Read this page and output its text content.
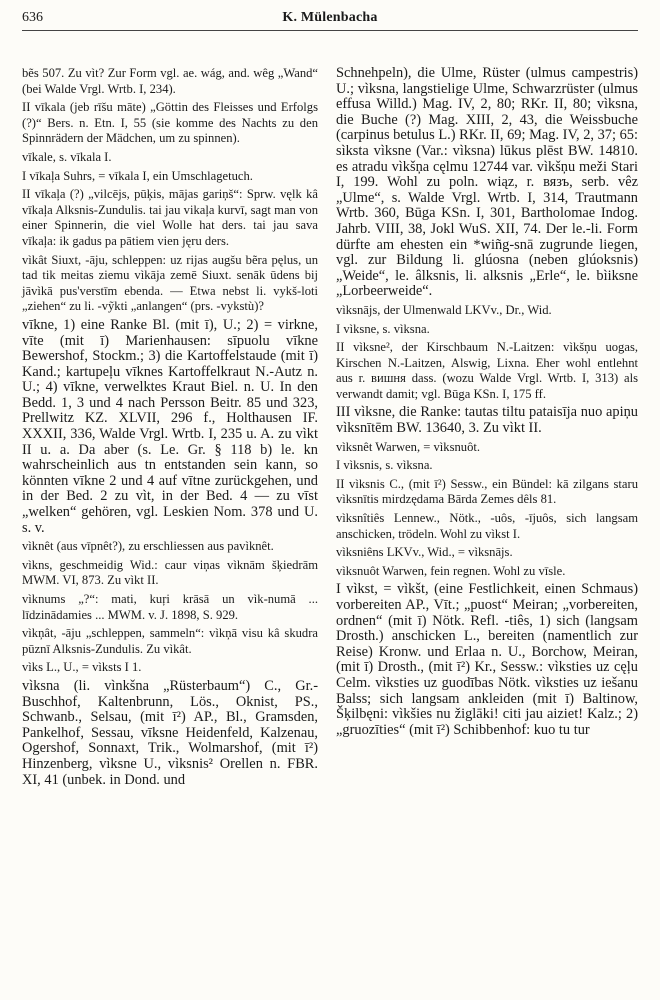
636	K. Mülenbacha

bẽs 507. Zu vìt? Zur Form vgl. ae. wág, and. wêg „Wand“ (bei Walde Vrgl. Wrtb. I, 234).

II vīkala (jeb rīšu māte) „Göttin des Fleisses und Erfolgs (?)“ Bers. n. Etn. I, 55 (sie komme des Nachts zu den Spinnrädern der Mädchen, um zu spinnen).

vīkale, s. vīkala I.

I vīkaļa Suhrs, = vīkala I, ein Umschlagetuch.

II vīkaļa (?) „vilcējs, pūķis, mājas gariņš“: Sprw. vęlk kâ vīkaļa Alksnis-Zundulis. tai jau vikaļa kurvī, sagt man von einer Spinnerin, die viel Wolle hat ders. tai jau sava vīkaļa: ik gadus pa pātiem vien jęru ders.

vìkât Siuxt, -āju, schleppen: uz rijas augšu bẽra pęlus, un tad tik meitas ziemu vìkāja zemē Siuxt. senāk ūdens bij jāvìkā pus'verstīm ebenda. — Etwa nebst li. vykš-loti „ziehen“ zu li. -vỹkti „anlangen“ (prs. -vykstù)?

vīkne, 1) eine Ranke Bl. (mit ī), U.; 2) = virkne, vīte (mit ī) Marienhausen: sīpuolu vīkne Bewershof, Stockm.; 3) die Kartoffelstaude (mit ī) Kand.; kartupeļu vīknes Kartoffelkraut N.-Autz n. U.; 4) vīkne, verwelktes Kraut Biel. n. U. In den Bedd. 1, 3 und 4 nach Persson Beitr. 85 und 323, Prellwitz KZ. XLVII, 296 f., Holthausen IF. XXXII, 336, Walde Vrgl. Wrtb. I, 235 u. A. zu vìkt II u. a. Da aber (s. Le. Gr. § 118 b) le. kn wahrscheinlich aus tn entstanden sein kann, so könnten vīkne 2 und 4 auf vītne zurückgehen, und in der Bed. 2 zu vìt, in der Bed. 4 — zu vīst „welken“ gehören, vgl. Leskien Nom. 378 und U. s. v.

vìknêt (aus vīpnêt?), zu erschliessen aus pavìknêt.

vìkns, geschmeidig Wid.: caur viņas vìknām šķiedrām MWM. VI, 873. Zu vìkt II.

vìknums „?“: mati, kuŗi krāsā un vìk-numā ... līdzinādamies ... MWM. v. J. 1898, S. 929.

vìkņât, -āju „schleppen, sammeln“: vìkņā visu kâ skudra pūznī Alksnis-Zundulis. Zu vìkât.

vìks L., U., = vìksts I 1.

vìksna (li. vìnkšna „Rüsterbaum“) C., Gr.-Buschhof, Kaltenbrunn, Lös., Oknist, PS., Schwanb., Selsau, (mit ī²) AP., Bl., Gramsden, Pankelhof, Sessau, vīksne Heidenfeld, Kalzenau, Ogershof, Sonnaxt, Trik., Wolmarshof, (mit ī²) Hinzenberg, vìksne U., vìksnis² Orellen n. FBR. XI, 41 (unbek. in Dond. und

Schnehpeln), die Ulme, Rüster (ulmus campestris) U.; vìksna, langstielige Ulme, Schwarzrüster (ulmus effusa Willd.) Mag. IV, 2, 80; RKr. II, 80; vìksna, die Buche (?) Mag. XIII, 2, 43, die Weissbuche (carpinus betulus L.) RKr. II, 69; Mag. IV, 2, 37; 65: sìksta vìksne (Var.: vìksna) lūkus plēst BW. 14810. es atradu vìkšņa cęlmu 12744 var. vìkšņu meži Stari I, 199. Wohl zu poln. wiąz, r. вязъ, serb. vêz „Ulme“, s. Walde Vrgl. Wrtb. I, 314, Trautmann Wrtb. 360, Būga KSn. I, 301, Bartholomae Indog. Jahrb. VIII, 38, Jokl WuS. XII, 74. Der le.-li. Form dürfte am ehesten ein *wiñg-snā zugrunde liegen, vgl. zur Bildung li. glúosna (neben glúoksnis) „Weide“, le. âlksnis, li. alksnis „Erle“, le. bìiksne „Lorbeerweide“.

vìksnājs, der Ulmenwald LKVv., Dr., Wid.

I vìksne, s. vìksna.

II vìksne², der Kirschbaum N.-Laitzen: vìkšņu uogas, Kirschen N.-Laitzen, Alswig, Lixna. Eher wohl entlehnt aus r. вишня dass. (wozu Walde Vrgl. Wrtb. I, 313) als verwandt damit; vgl. Būga KSn. I, 175 ff.

III vìksne, die Ranke: tautas tiltu pataisīja nuo apiņu vìksnītēm BW. 13640, 3. Zu vìkt II.

vìksnêt Warwen, = vìksnuôt.

I vìksnis, s. vìksna.

II vìksnis C., (mit ī²) Sessw., ein Bündel: kā zilgans staru vìksnītis mirdzędama Bārda Zemes dêls 81.

vìksnîtiês Lennew., Nötk., -uôs, -ījuôs, sich langsam anschicken, trödeln. Wohl zu vìkst I.

vìksniêns LKVv., Wid., = vìksnājs.

vìksnuôt Warwen, fein regnen. Wohl zu vīsle.

I vìkst, = vìkšt, (eine Festlichkeit, einen Schmaus) vorbereiten AP., Vīt.; „puost“ Meiran; „vorbereiten, ordnen“ (mit ī) Nötk. Refl. -tiês, 1) sich (langsam Drosth.) anschicken L., bereiten (namentlich zur Reise) Kronw. und Erlaa n. U., Borchow, Meiran, (mit ī) Drosth., (mit ī²) Kr., Sessw.: vìksties uz cęļu Celm. vìksties uz guodības Nötk. vìksties uz iešanu Balss; sich langsam ankleiden (mit ī) Baltinow, Šķilbęni: vìkšies nu žiglāki! citi jau aiziet! Kalz.; 2) „gruozīties“ (mit ī²) Schibbenhof: kuo tu tur
